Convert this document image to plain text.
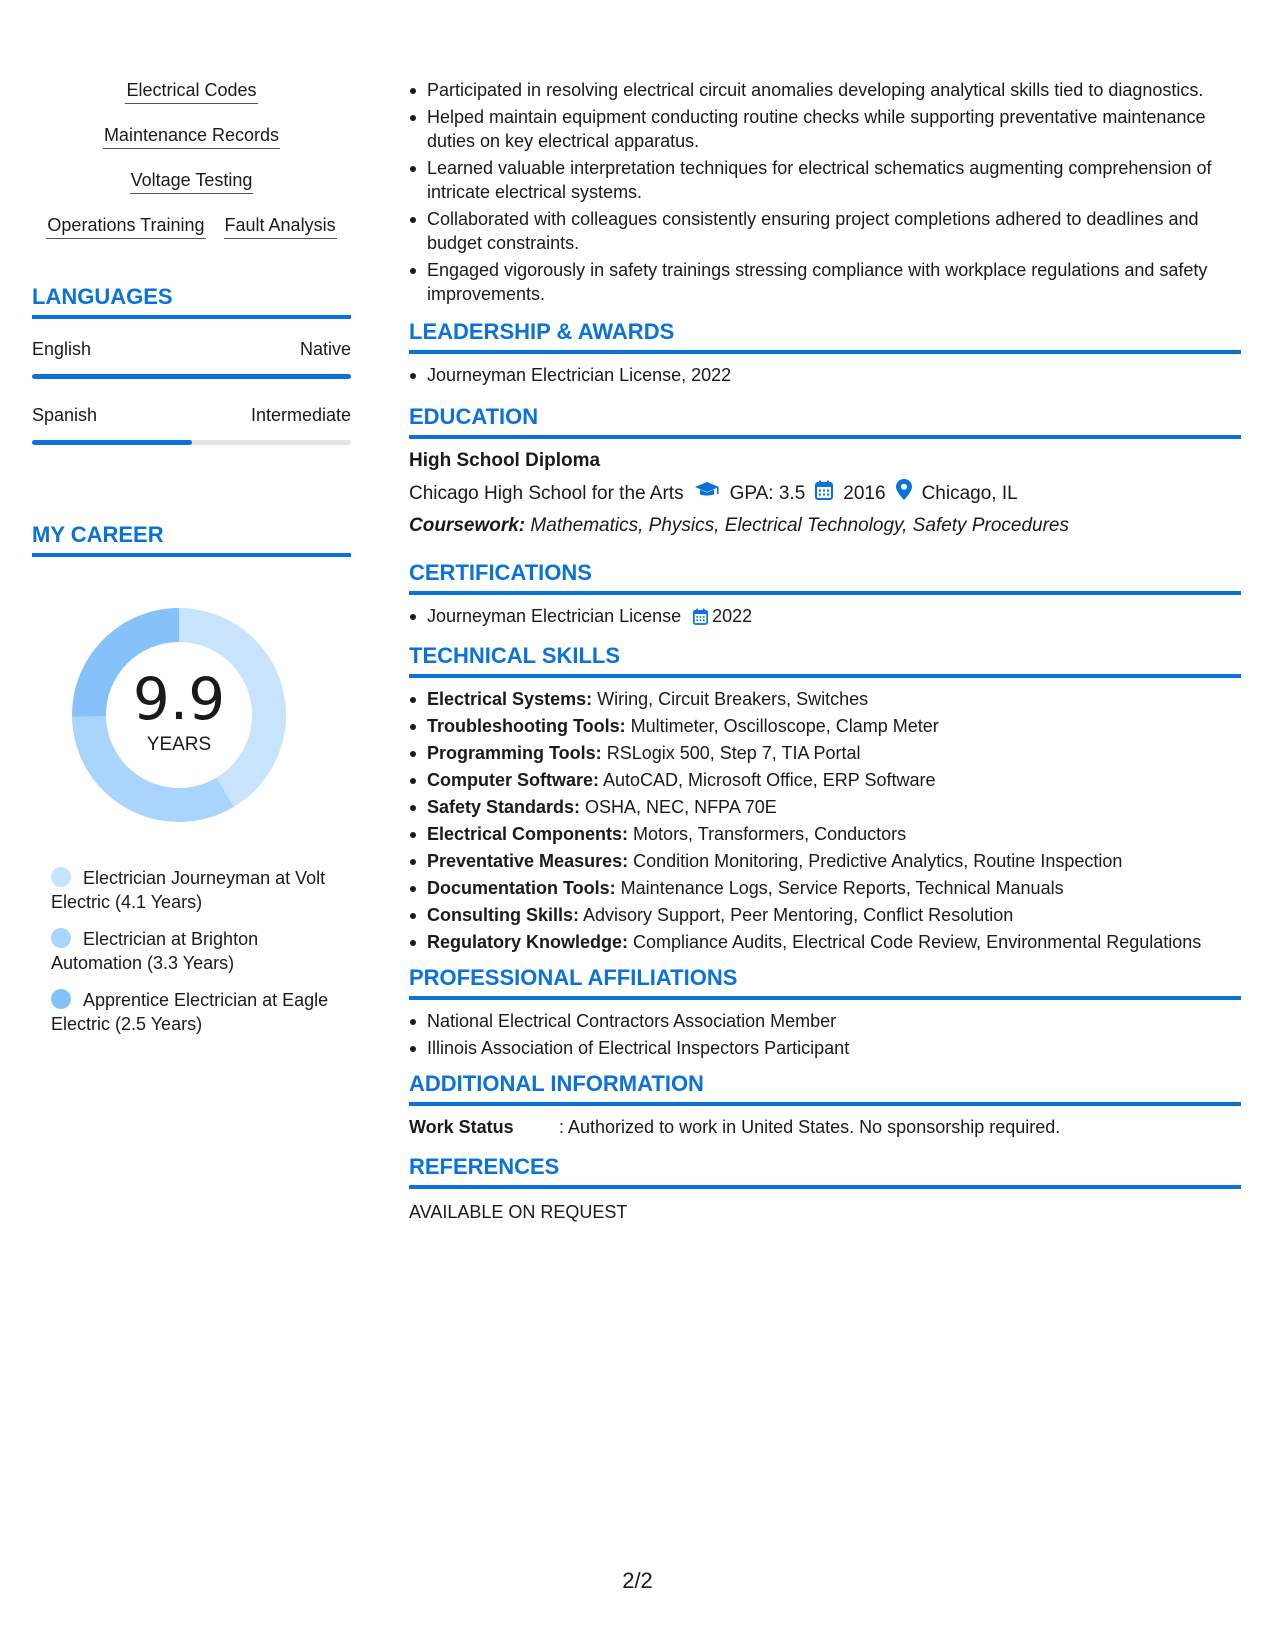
Electrical Codes
Maintenance Records
Voltage Testing
Operations Training Fault Analysis
LANGUAGES
English	Native
Spanish	Intermediate
MY CAREER
9.9
YEARS
Electrician Journeyman at Volt Electric (4.1 Years)
Electrician at Brighton Automation (3.3 Years)
Apprentice Electrician at Eagle Electric (2.5 Years)
Participated in resolving electrical circuit anomalies developing analytical skills tied to diagnostics.
Helped maintain equipment conducting routine checks while supporting preventative maintenance duties on key electrical apparatus.
Learned valuable interpretation techniques for electrical schematics augmenting comprehension of intricate electrical systems.
Collaborated with colleagues consistently ensuring project completions adhered to deadlines and budget constraints.
Engaged vigorously in safety trainings stressing compliance with workplace regulations and safety improvements.
LEADERSHIP & AWARDS
Journeyman Electrician License, 2022
EDUCATION
High School Diploma
Chicago High School for the Arts GPA: 3.5 2016 Chicago, IL
Coursework: Mathematics, Physics, Electrical Technology, Safety Procedures
CERTIFICATIONS
Journeyman Electrician License 2022
TECHNICAL SKILLS
Electrical Systems: Wiring, Circuit Breakers, Switches
Troubleshooting Tools: Multimeter, Oscilloscope, Clamp Meter
Programming Tools: RSLogix 500, Step 7, TIA Portal
Computer Software: AutoCAD, Microsoft Office, ERP Software
Safety Standards: OSHA, NEC, NFPA 70E
Electrical Components: Motors, Transformers, Conductors
Preventative Measures: Condition Monitoring, Predictive Analytics, Routine Inspection
Documentation Tools: Maintenance Logs, Service Reports, Technical Manuals
Consulting Skills: Advisory Support, Peer Mentoring, Conflict Resolution
Regulatory Knowledge: Compliance Audits, Electrical Code Review, Environmental Regulations
PROFESSIONAL AFFILIATIONS
National Electrical Contractors Association Member
Illinois Association of Electrical Inspectors Participant
ADDITIONAL INFORMATION
Work Status	: Authorized to work in United States. No sponsorship required.
REFERENCES
AVAILABLE ON REQUEST
2/2
